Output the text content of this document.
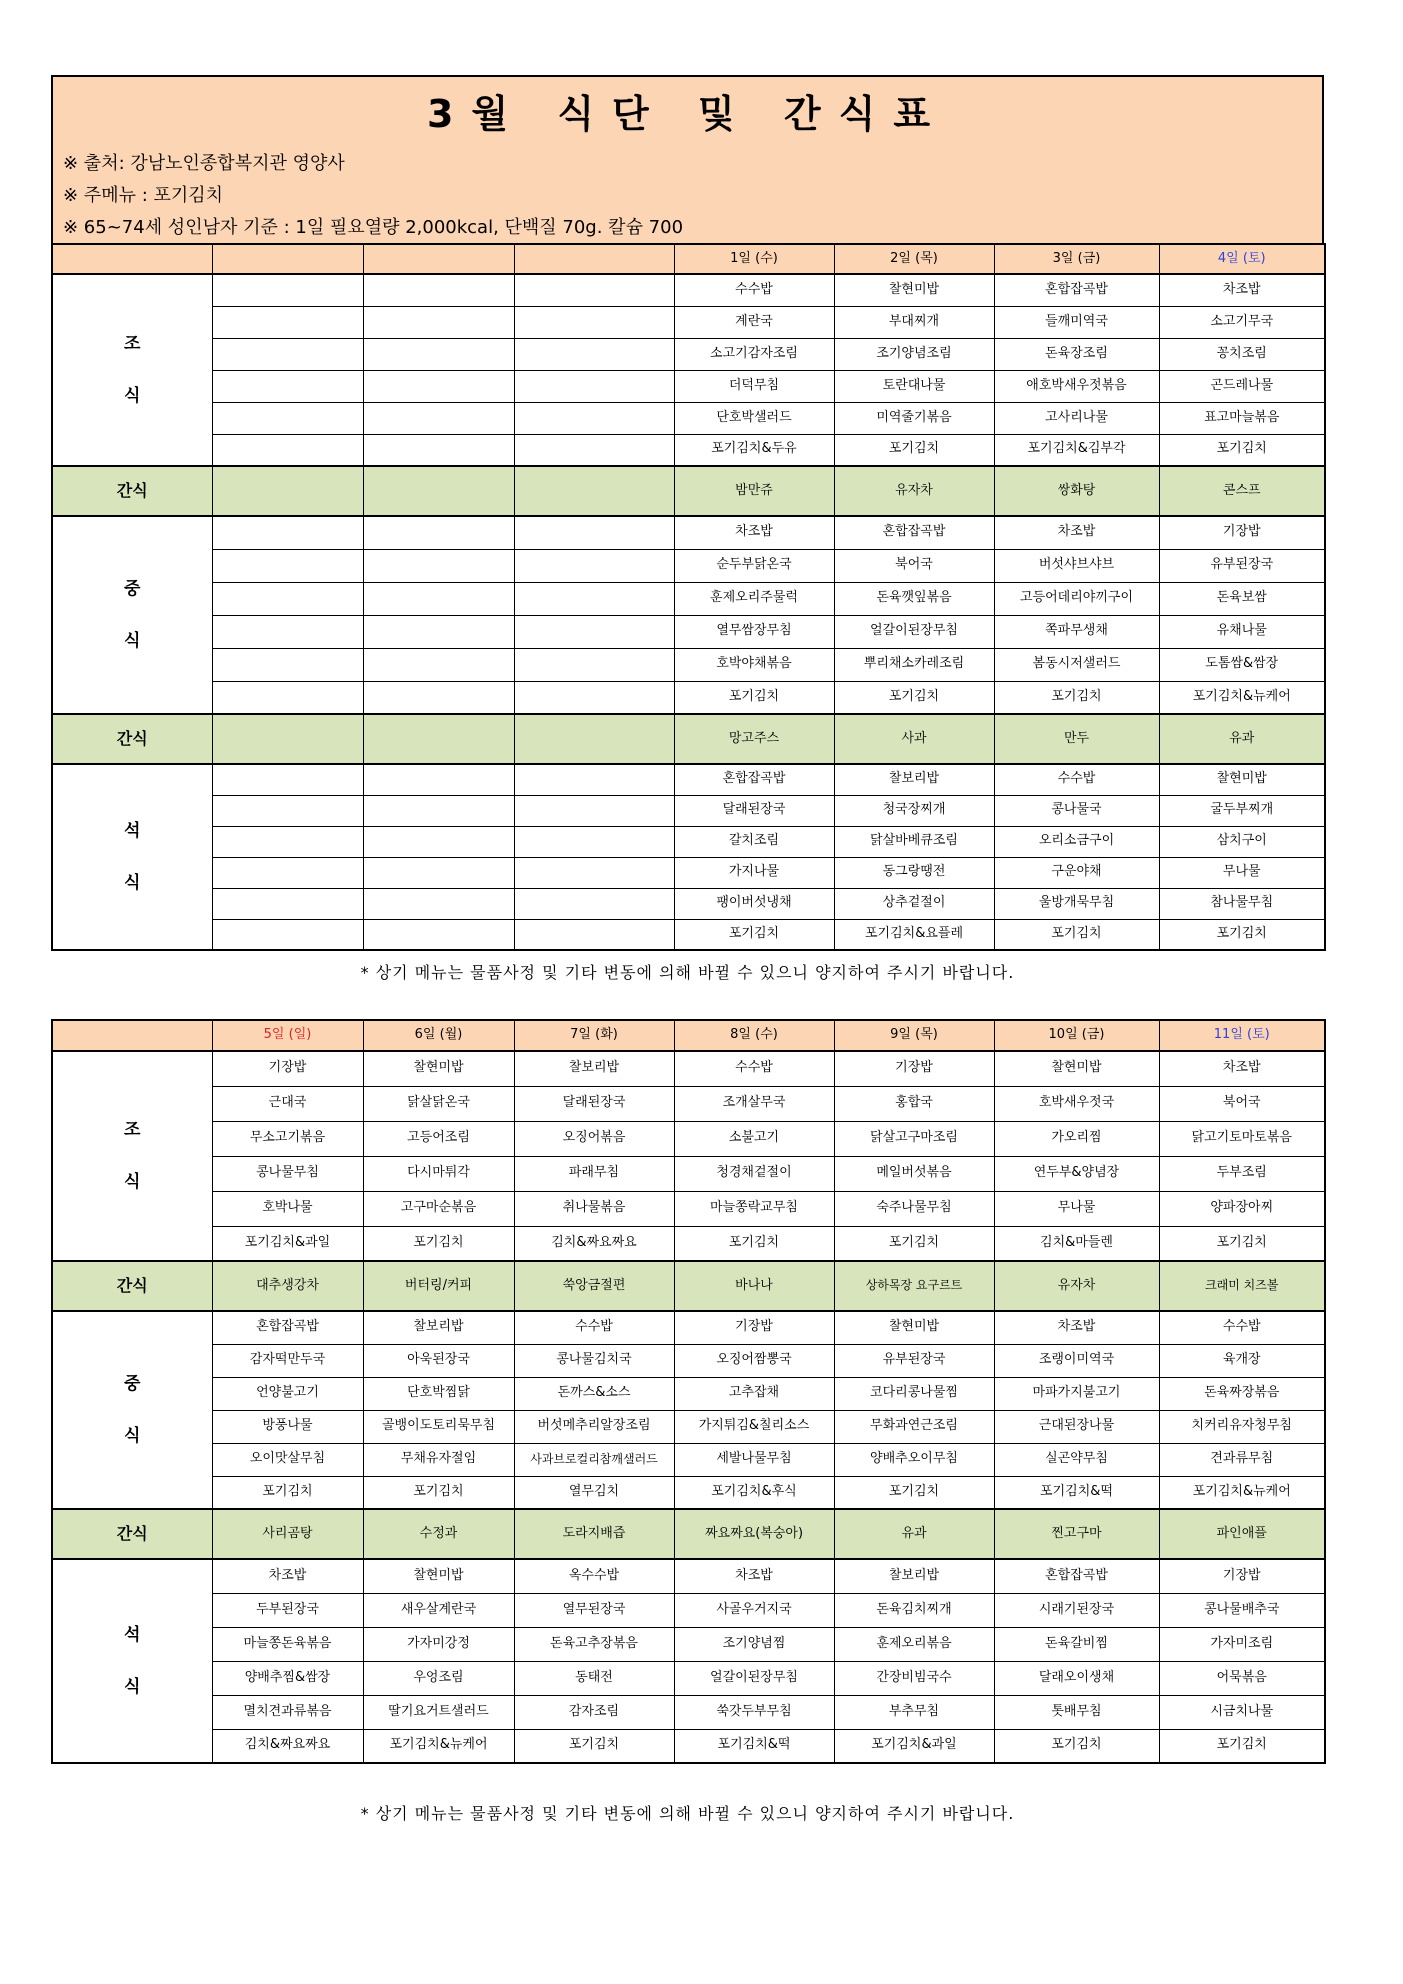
3월 식단 및 간식표
※ 출처: 강남노인종합복지관 영양사
※ 주메뉴 : 포기김치
※ 65~74세 성인남자 기준 : 1일 필요열량 2,000kcal, 단백질 70g. 칼슘 700
				1일 (수)	2일 (목)	3일 (금)	4일 (토)

조
식				수수밥	찰현미밥	혼합잡곡밥	차조밥
				계란국	부대찌개	들깨미역국	소고기무국
				소고기감자조림	조기양념조림	돈육장조림	꽁치조림
				더덕무침	토란대나물	애호박새우젓볶음	곤드레나물
				단호박샐러드	미역줄기볶음	고사리나물	표고마늘볶음
				포기김치&두유	포기김치	포기김치&김부각	포기김치
간식				밤만쥬	유자차	쌍화탕	콘스프

중
식				차조밥	혼합잡곡밥	차조밥	기장밥
				순두부닭온국	북어국	버섯샤브샤브	유부된장국
				훈제오리주물럭	돈육깻잎볶음	고등어데리야끼구이	돈육보쌈
				열무쌈장무침	얼갈이된장무침	쪽파무생채	유채나물
				호박야채볶음	뿌리채소카레조림	봄동시저샐러드	도톰쌈&쌈장
				포기김치	포기김치	포기김치	포기김치&뉴케어
간식				망고주스	사과	만두	유과

석
식				혼합잡곡밥	찰보리밥	수수밥	찰현미밥
				달래된장국	청국장찌개	콩나물국	굴두부찌개
				갈치조림	닭살바베큐조림	오리소금구이	삼치구이
				가지나물	동그랑땡전	구운야채	무나물
				팽이버섯냉채	상추겉절이	울방개묵무침	참나물무침
				포기김치	포기김치&요플레	포기김치	포기김치
* 상기 메뉴는 물품사정 및 기타 변동에 의해 바뀔 수 있으니 양지하여 주시기 바랍니다.
	5일 (일)	6일 (월)	7일 (화)	8일 (수)	9일 (목)	10일 (금)	11일 (토)

조
식	기장밥	찰현미밥	찰보리밥	수수밥	기장밥	찰현미밥	차조밥
	근대국	닭살닭온국	달래된장국	조개살무국	홍합국	호박새우젓국	북어국
	무소고기볶음	고등어조림	오징어볶음	소불고기	닭살고구마조림	가오리찜	닭고기토마토볶음
	콩나물무침	다시마튀각	파래무침	청경채겉절이	메일버섯볶음	연두부&양념장	두부조림
	호박나물	고구마순볶음	취나물볶음	마늘쫑락교무침	숙주나물무침	무나물	양파장아찌
	포기김치&과일	포기김치	김치&짜요짜요	포기김치	포기김치	김치&마들렌	포기김치
간식	대추생강차	버터링/커피	쑥앙금절편	바나나	상하목장 요구르트	유자차	크래미 치즈볼

중
식	혼합잡곡밥	찰보리밥	수수밥	기장밥	찰현미밥	차조밥	수수밥
	감자떡만두국	아욱된장국	콩나물김치국	오징어짬뽕국	유부된장국	조랭이미역국	육개장
	언양불고기	단호박찜닭	돈까스&소스	고추잡채	코다리콩나물찜	마파가지불고기	돈육짜장볶음
	방풍나물	골뱅이도토리묵무침	버섯메추리알장조림	가지튀김&칠리소스	무화과연근조림	근대된장나물	치커리유자청무침
	오이맛살무침	무채유자절임	사과브로컬리참깨샐러드	세발나물무침	양배추오이무침	실곤약무침	견과류무침
	포기김치	포기김치	열무김치	포기김치&후식	포기김치	포기김치&떡	포기김치&뉴케어
간식	사리곰탕	수정과	도라지배즙	짜요짜요(복숭아)	유과	찐고구마	파인애플

석
식	차조밥	찰현미밥	옥수수밥	차조밥	찰보리밥	혼합잡곡밥	기장밥
	두부된장국	새우살계란국	열무된장국	사골우거지국	돈육김치찌개	시래기된장국	콩나물배추국
	마늘쫑돈육볶음	가자미강정	돈육고추장볶음	조기양념찜	훈제오리볶음	돈육갈비찜	가자미조림
	양배추찜&쌈장	우엉조림	동태전	얼갈이된장무침	간장비빔국수	달래오이생채	어묵볶음
	멸치견과류볶음	딸기요거트샐러드	감자조림	쑥갓두부무침	부추무침	톳배무침	시금치나물
	김치&짜요짜요	포기김치&뉴케어	포기김치	포기김치&떡	포기김치&과일	포기김치	포기김치
* 상기 메뉴는 물품사정 및 기타 변동에 의해 바뀔 수 있으니 양지하여 주시기 바랍니다.
